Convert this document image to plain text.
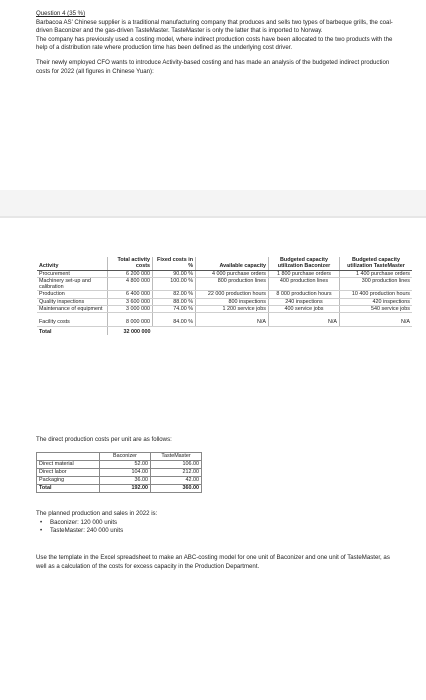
Question 4 (35 %)
Barbacoa AS' Chinese supplier is a traditional manufacturing company that produces and sells two types of barbeque grills, the coal-driven Baconizer and the gas-driven TasteMaster. TasteMaster is only the latter that is imported to Norway.
The company has previously used a costing model, where indirect production costs have been allocated to the two products with the help of a distribution rate where production time has been defined as the underlying cost driver.
Their newly employed CFO wants to introduce Activity-based costing and has made an analysis of the budgeted indirect production costs for 2022 (all figures in Chinese Yuan):
Activity	Total activity costs	Fixed costs in %	Available capacity	Budgeted capacity utilization Baconizer	Budgeted capacity utilization TasteMaster
Procurement	6 200 000	90.00 %	4 000 purchase orders	1 800 purchase orders	1 400 purchase orders
Machinery set-up and calibration	4 800 000	100.00 %	800 production lines	400 production lines	300 production lines
Production	6 400 000	82.00 %	22 000 production hours	8 000 production hours	10 400 production hours
Quality inspections	3 600 000	88.00 %	800 inspections	240 inspections	420 inspections
Maintenance of equipment	3 000 000	74.00 %	1 200 service jobs	400 service jobs	540 service jobs
Facility costs	8 000 000	84.00 %	N/A	N/A	N/A
Total	32 000 000				
The direct production costs per unit are as follows:
	Baconizer	TasteMaster
Direct material	52.00	106.00
Direct labor	104.00	212.00
Packaging	36.00	42.00
Total	192.00	360.00
The planned production and sales in 2022 is:
• Baconizer: 120 000 units
• TasteMaster: 240 000 units
Use the template in the Excel spreadsheet to make an ABC-costing model for one unit of Baconizer and one unit of TasteMaster, as well as a calculation of the costs for excess capacity in the Production Department.
